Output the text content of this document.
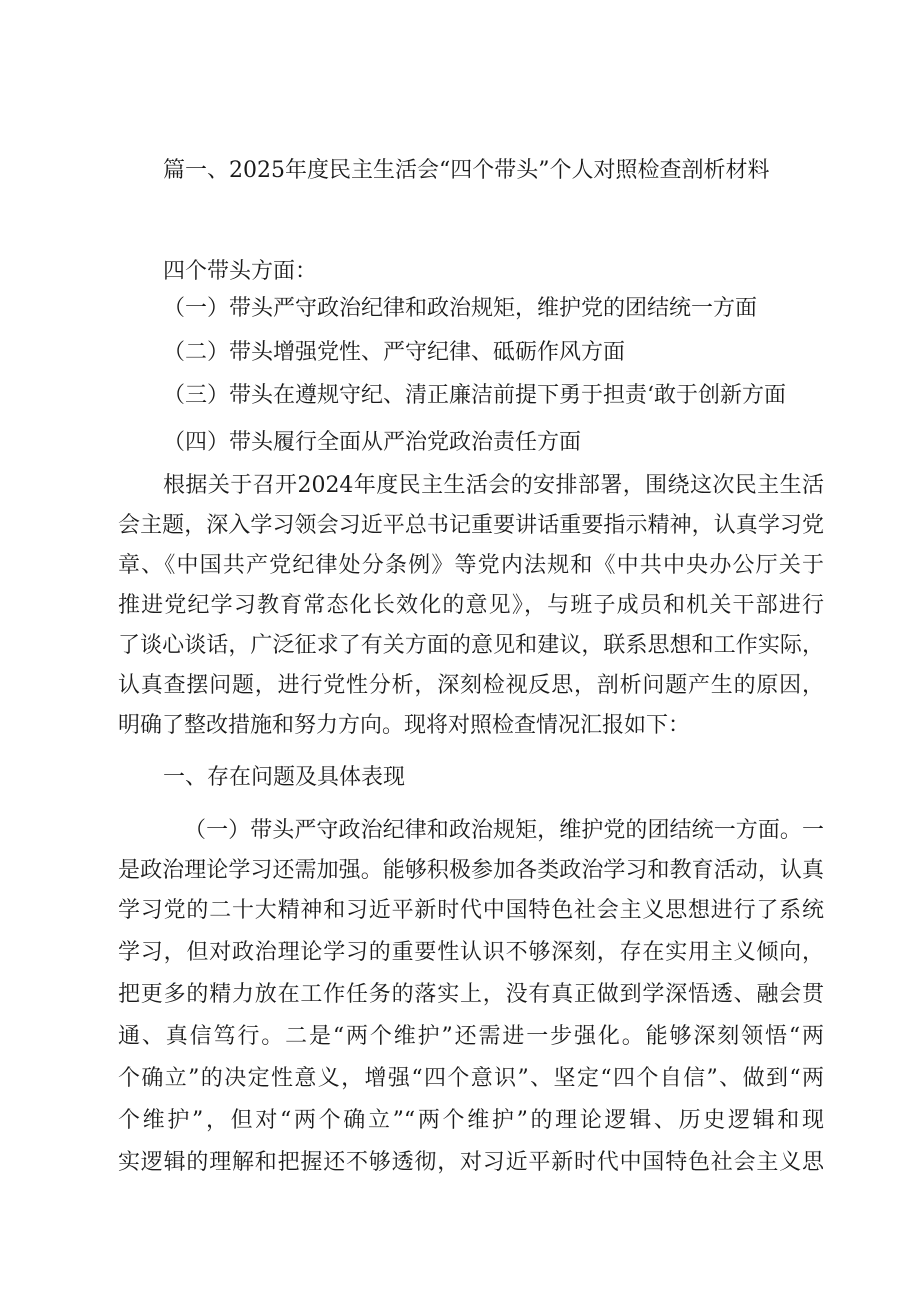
篇一、2025年度民主生活会“四个带头”个人对照检查剖析材料
四个带头方面：
（一）带头严守政治纪律和政治规矩，维护党的团结统一方面
（二）带头增强党性、严守纪律、砥砺作风方面
（三）带头在遵规守纪、清正廉洁前提下勇于担责‘敢于创新方面
（四）带头履行全面从严治党政治责任方面
根据关于召开2024年度民主生活会的安排部署，围绕这次民主生活
会主题，深入学习领会习近平总书记重要讲话重要指示精神，认真学习党
章、《中国共产党纪律处分条例》等党内法规和《中共中央办公厅关于
推进党纪学习教育常态化长效化的意见》，与班子成员和机关干部进行
了谈心谈话，广泛征求了有关方面的意见和建议，联系思想和工作实际，
认真查摆问题，进行党性分析，深刻检视反思，剖析问题产生的原因，
明确了整改措施和努力方向。现将对照检查情况汇报如下：
一、存在问题及具体表现
（一）带头严守政治纪律和政治规矩，维护党的团结统一方面。一
是政治理论学习还需加强。能够积极参加各类政治学习和教育活动，认真
学习党的二十大精神和习近平新时代中国特色社会主义思想进行了系统
学习，但对政治理论学习的重要性认识不够深刻，存在实用主义倾向，
把更多的精力放在工作任务的落实上，没有真正做到学深悟透、融会贯
通、真信笃行。二是“两个维护”还需进一步强化。能够深刻领悟“两
个确立”的决定性意义，增强“四个意识”、坚定“四个自信”、做到“两
个维护”，但对“两个确立”“两个维护”的理论逻辑、历史逻辑和现
实逻辑的理解和把握还不够透彻，对习近平新时代中国特色社会主义思
